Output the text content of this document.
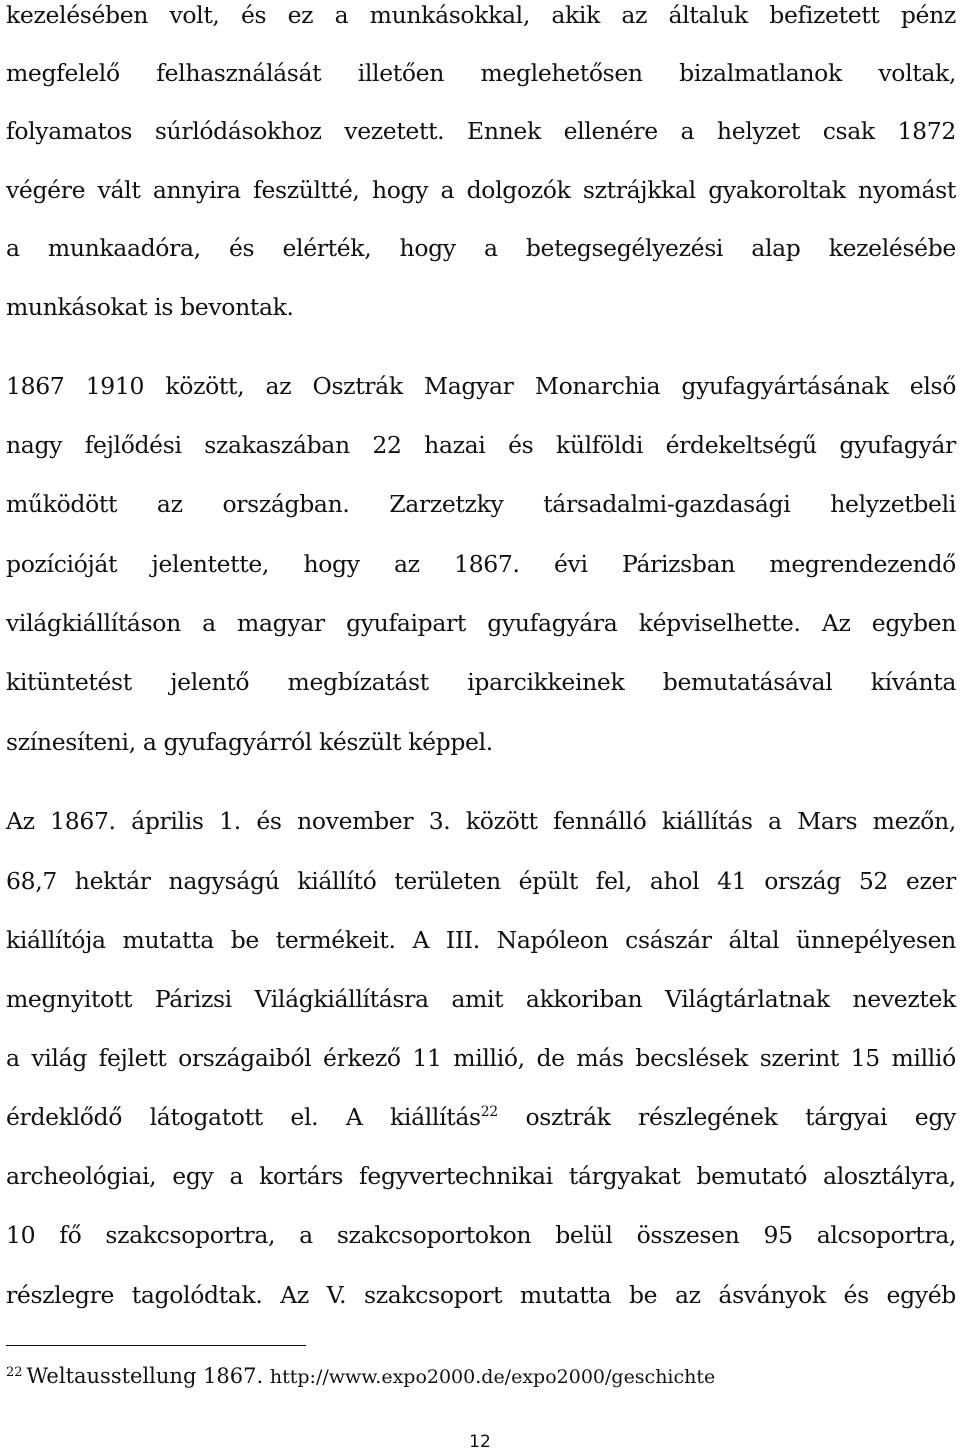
kezelésében volt, és ez a munkásokkal, akik az általuk befizetett pénz
megfelelő felhasználását illetően meglehetősen bizalmatlanok voltak,
folyamatos súrlódásokhoz vezetett. Ennek ellenére a helyzet csak 1872
végére vált annyira feszültté, hogy a dolgozók sztrájkkal gyakoroltak nyomást
a munkaadóra, és elérték, hogy a betegsegélyezési alap kezelésébe
munkásokat is bevontak.
1867 1910 között, az Osztrák Magyar Monarchia gyufagyártásának első
nagy fejlődési szakaszában 22 hazai és külföldi érdekeltségű gyufagyár
működött az országban. Zarzetzky társadalmi-gazdasági helyzetbeli
pozícióját jelentette, hogy az 1867. évi Párizsban megrendezendő
világkiállításon a magyar gyufaipart gyufagyára képviselhette. Az egyben
kitüntetést jelentő megbízatást iparcikkeinek bemutatásával kívánta
színesíteni, a gyufagyárról készült képpel.
Az 1867. április 1. és november 3. között fennálló kiállítás a Mars mezőn,
68,7 hektár nagyságú kiállító területen épült fel, ahol 41 ország 52 ezer
kiállítója mutatta be termékeit. A III. Napóleon császár által ünnepélyesen
megnyitott Párizsi Világkiállításra amit akkoriban Világtárlatnak neveztek
a világ fejlett országaiból érkező 11 millió, de más becslések szerint 15 millió
érdeklődő látogatott el. A kiállítás$^{22}$ osztrák részlegének tárgyai egy
archeológiai, egy a kortárs fegyvertechnikai tárgyakat bemutató alosztályra,
10 fő szakcsoportra, a szakcsoportokon belül összesen 95 alcsoportra,
részlegre tagolódtak. Az V. szakcsoport mutatta be az ásványok és egyéb
$^{22}$ Weltausstellung 1867. http://www.expo2000.de/expo2000/geschichte
12
